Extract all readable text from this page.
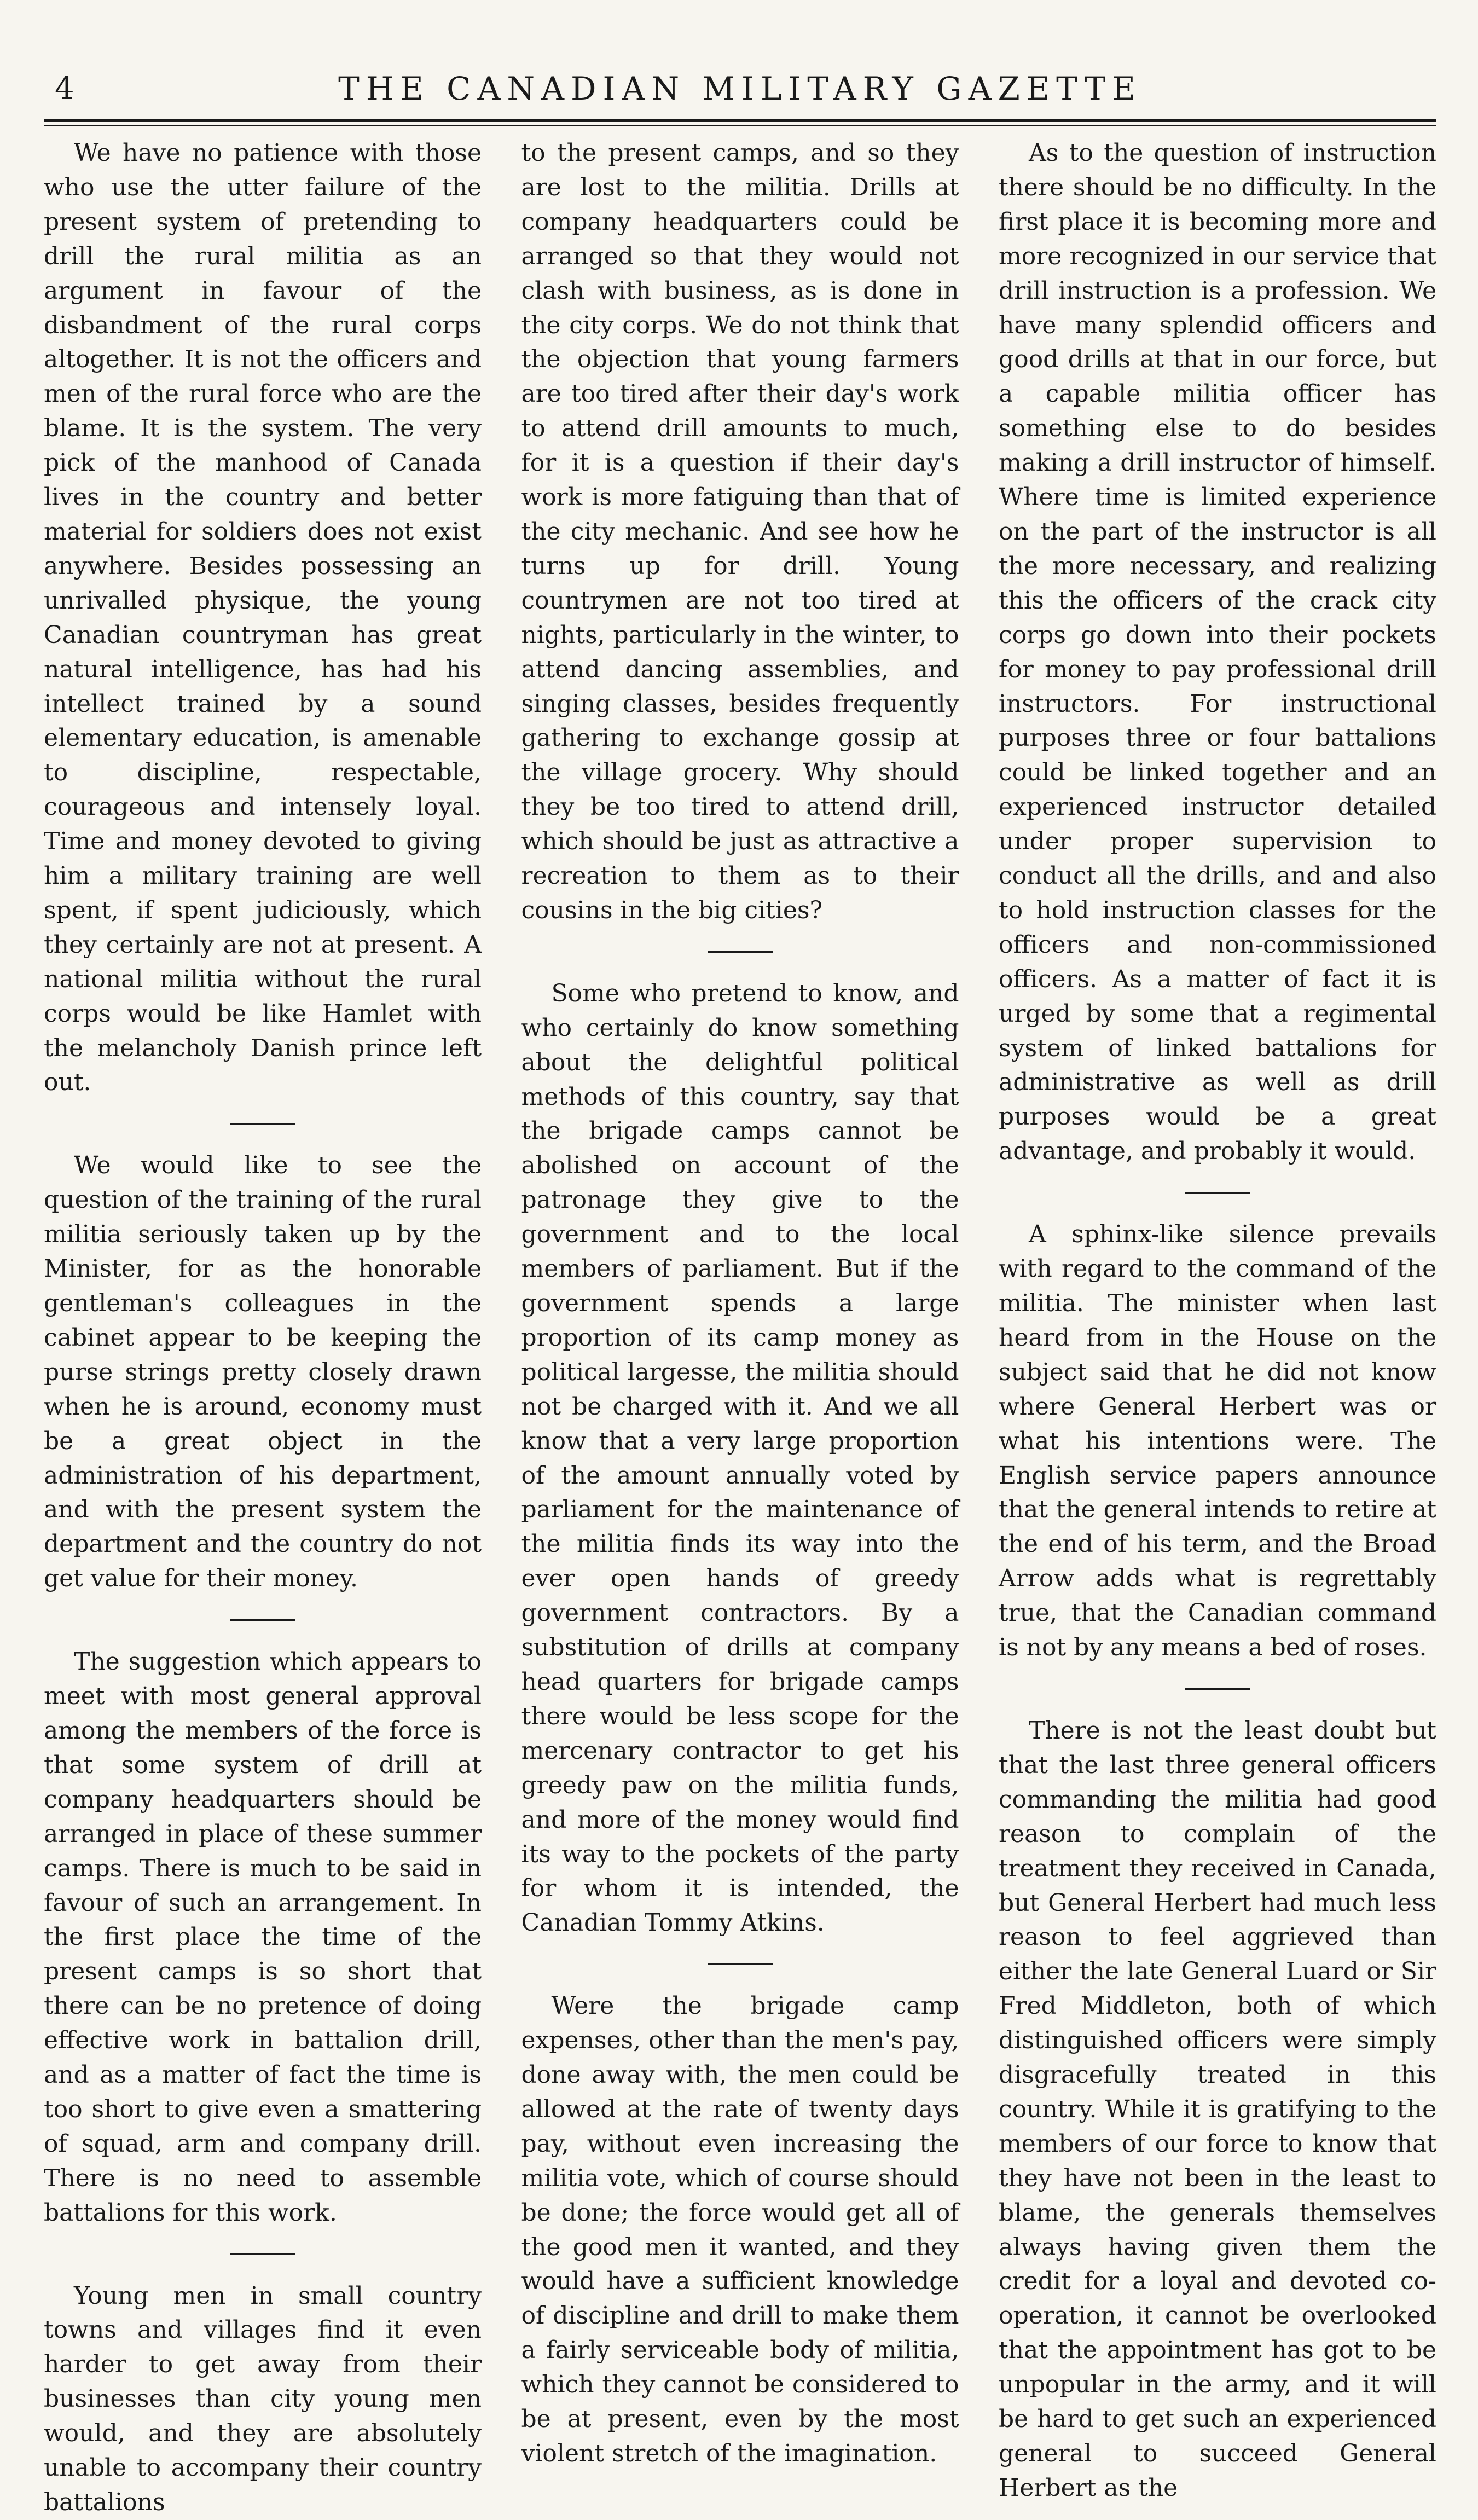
4	THE CANADIAN MILITARY GAZETTE

We have no patience with those who use the utter failure of the present system of pretending to drill the rural militia as an argument in favour of the disbandment of the rural corps altogether. It is not the officers and men of the rural force who are the blame. It is the system. The very pick of the manhood of Canada lives in the country and better material for soldiers does not exist anywhere. Besides possessing an unrivalled physique, the young Canadian countryman has great natural intelligence, has had his intellect trained by a sound elementary education, is amenable to discipline, respectable, courageous and intensely loyal. Time and money devoted to giving him a military training are well spent, if spent judiciously, which they certainly are not at present. A national militia without the rural corps would be like Hamlet with the melancholy Danish prince left out.

We would like to see the question of the training of the rural militia seriously taken up by the Minister, for as the honorable gentleman's colleagues in the cabinet appear to be keeping the purse strings pretty closely drawn when he is around, economy must be a great object in the administration of his department, and with the present system the department and the country do not get value for their money.

The suggestion which appears to meet with most general approval among the members of the force is that some system of drill at company headquarters should be arranged in place of these summer camps. There is much to be said in favour of such an arrangement. In the first place the time of the present camps is so short that there can be no pretence of doing effective work in battalion drill, and as a matter of fact the time is too short to give even a smattering of squad, arm and company drill. There is no need to assemble battalions for this work.

Young men in small country towns and villages find it even harder to get away from their businesses than city young men would, and they are absolutely unable to accompany their country battalions

to the present camps, and so they are lost to the militia. Drills at company headquarters could be arranged so that they would not clash with business, as is done in the city corps. We do not think that the objection that young farmers are too tired after their day's work to attend drill amounts to much, for it is a question if their day's work is more fatiguing than that of the city mechanic. And see how he turns up for drill. Young countrymen are not too tired at nights, particularly in the winter, to attend dancing assemblies, and singing classes, besides frequently gathering to exchange gossip at the village grocery. Why should they be too tired to attend drill, which should be just as attractive a recreation to them as to their cousins in the big cities?

Some who pretend to know, and who certainly do know something about the delightful political methods of this country, say that the brigade camps cannot be abolished on account of the patronage they give to the government and to the local members of parliament. But if the government spends a large proportion of its camp money as political largesse, the militia should not be charged with it. And we all know that a very large proportion of the amount annually voted by parliament for the maintenance of the militia finds its way into the ever open hands of greedy government contractors. By a substitution of drills at company head quarters for brigade camps there would be less scope for the mercenary contractor to get his greedy paw on the militia funds, and more of the money would find its way to the pockets of the party for whom it is intended, the Canadian Tommy Atkins.

Were the brigade camp expenses, other than the men's pay, done away with, the men could be allowed at the rate of twenty days pay, without even increasing the militia vote, which of course should be done; the force would get all of the good men it wanted, and they would have a sufficient knowledge of discipline and drill to make them a fairly serviceable body of militia, which they cannot be considered to be at present, even by the most violent stretch of the imagination.

As to the question of instruction there should be no difficulty. In the first place it is becoming more and more recognized in our service that drill instruction is a profession. We have many splendid officers and good drills at that in our force, but a capable militia officer has something else to do besides making a drill instructor of himself. Where time is limited experience on the part of the instructor is all the more necessary, and realizing this the officers of the crack city corps go down into their pockets for money to pay professional drill instructors. For instructional purposes three or four battalions could be linked together and an experienced instructor detailed under proper supervision to conduct all the drills, and and also to hold instruction classes for the officers and non-commissioned officers. As a matter of fact it is urged by some that a regimental system of linked battalions for administrative as well as drill purposes would be a great advantage, and probably it would.

A sphinx-like silence prevails with regard to the command of the militia. The minister when last heard from in the House on the subject said that he did not know where General Herbert was or what his intentions were. The English service papers announce that the general intends to retire at the end of his term, and the Broad Arrow adds what is regrettably true, that the Canadian command is not by any means a bed of roses.

There is not the least doubt but that the last three general officers commanding the militia had good reason to complain of the treatment they received in Canada, but General Herbert had much less reason to feel aggrieved than either the late General Luard or Sir Fred Middleton, both of which distinguished officers were simply disgracefully treated in this country. While it is gratifying to the members of our force to know that they have not been in the least to blame, the generals themselves always having given them the credit for a loyal and devoted co-operation, it cannot be overlooked that the appointment has got to be unpopular in the army, and it will be hard to get such an experienced general to succeed General Herbert as the
